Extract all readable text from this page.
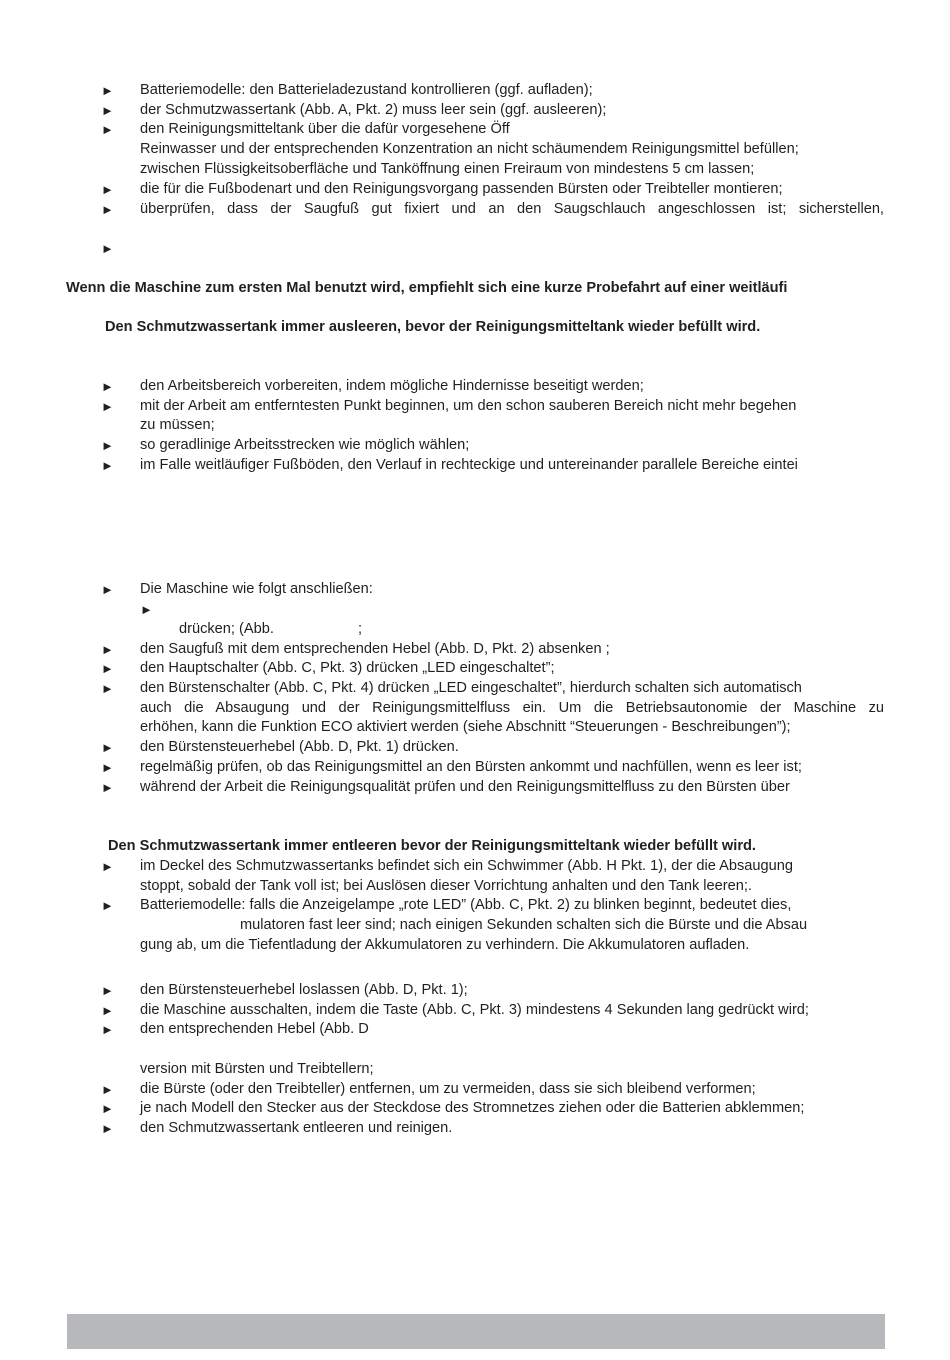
► Batteriemodelle: den Batterieladezustand kontrollieren (ggf. aufladen);
► der Schmutzwassertank (Abb. A, Pkt. 2) muss leer sein (ggf. ausleeren);
► den Reinigungsmitteltank über die dafür vorgesehene Öff
Reinwasser und der entsprechenden Konzentration an nicht schäumendem Reinigungsmittel befüllen;
zwischen Flüssigkeitsoberfläche und Tanköffnung einen Freiraum von mindestens 5 cm lassen;
► die für die Fußbodenart und den Reinigungsvorgang passenden Bürsten oder Treibteller montieren;
► überprüfen, dass der Saugfuß gut fixiert und an den Saugschlauch angeschlossen ist; sicherstellen,
►
Wenn die Maschine zum ersten Mal benutzt wird, empfiehlt sich eine kurze Probefahrt auf einer weitläufi
Den Schmutzwassertank immer ausleeren, bevor der Reinigungsmitteltank wieder befüllt wird.
► den Arbeitsbereich vorbereiten, indem mögliche Hindernisse beseitigt werden;
► mit der Arbeit am entferntesten Punkt beginnen, um den schon sauberen Bereich nicht mehr begehen
zu müssen;
► so geradlinige Arbeitsstrecken wie möglich wählen;
► im Falle weitläufiger Fußböden, den Verlauf in rechteckige und untereinander parallele Bereiche eintei
► Die Maschine wie folgt anschließen:
►
drücken; (Abb.	;
► den Saugfuß mit dem entsprechenden Hebel (Abb. D, Pkt. 2) absenken ;
► den Hauptschalter (Abb. C, Pkt. 3) drücken „LED eingeschaltet”;
► den Bürstenschalter (Abb. C, Pkt. 4) drücken „LED eingeschaltet”, hierdurch schalten sich automatisch
auch die Absaugung und der Reinigungsmittelfluss ein. Um die Betriebsautonomie der Maschine zu
erhöhen, kann die Funktion ECO aktiviert werden (siehe Abschnitt “Steuerungen - Beschreibungen”);
► den Bürstensteuerhebel (Abb. D, Pkt. 1) drücken.
► regelmäßig prüfen, ob das Reinigungsmittel an den Bürsten ankommt und nachfüllen, wenn es leer ist;
► während der Arbeit die Reinigungsqualität prüfen und den Reinigungsmittelfluss zu den Bürsten über
Den Schmutzwassertank immer entleeren bevor der Reinigungsmitteltank wieder befüllt wird.
► im Deckel des Schmutzwassertanks befindet sich ein Schwimmer (Abb. H Pkt. 1), der die Absaugung
stoppt, sobald der Tank voll ist; bei Auslösen dieser Vorrichtung anhalten und den Tank leeren;.
► Batteriemodelle: falls die Anzeigelampe „rote LED” (Abb. C, Pkt. 2) zu blinken beginnt, bedeutet dies,
mulatoren fast leer sind; nach einigen Sekunden schalten sich die Bürste und die Absau
gung ab, um die Tiefentladung der Akkumulatoren zu verhindern. Die Akkumulatoren aufladen.
► den Bürstensteuerhebel loslassen (Abb. D, Pkt. 1);
► die Maschine ausschalten, indem die Taste (Abb. C, Pkt. 3) mindestens 4 Sekunden lang gedrückt wird;
► den entsprechenden Hebel (Abb. D
version mit Bürsten und Treibtellern;
► die Bürste (oder den Treibteller) entfernen, um zu vermeiden, dass sie sich bleibend verformen;
► je nach Modell den Stecker aus der Steckdose des Stromnetzes ziehen oder die Batterien abklemmen;
► den Schmutzwassertank entleeren und reinigen.
